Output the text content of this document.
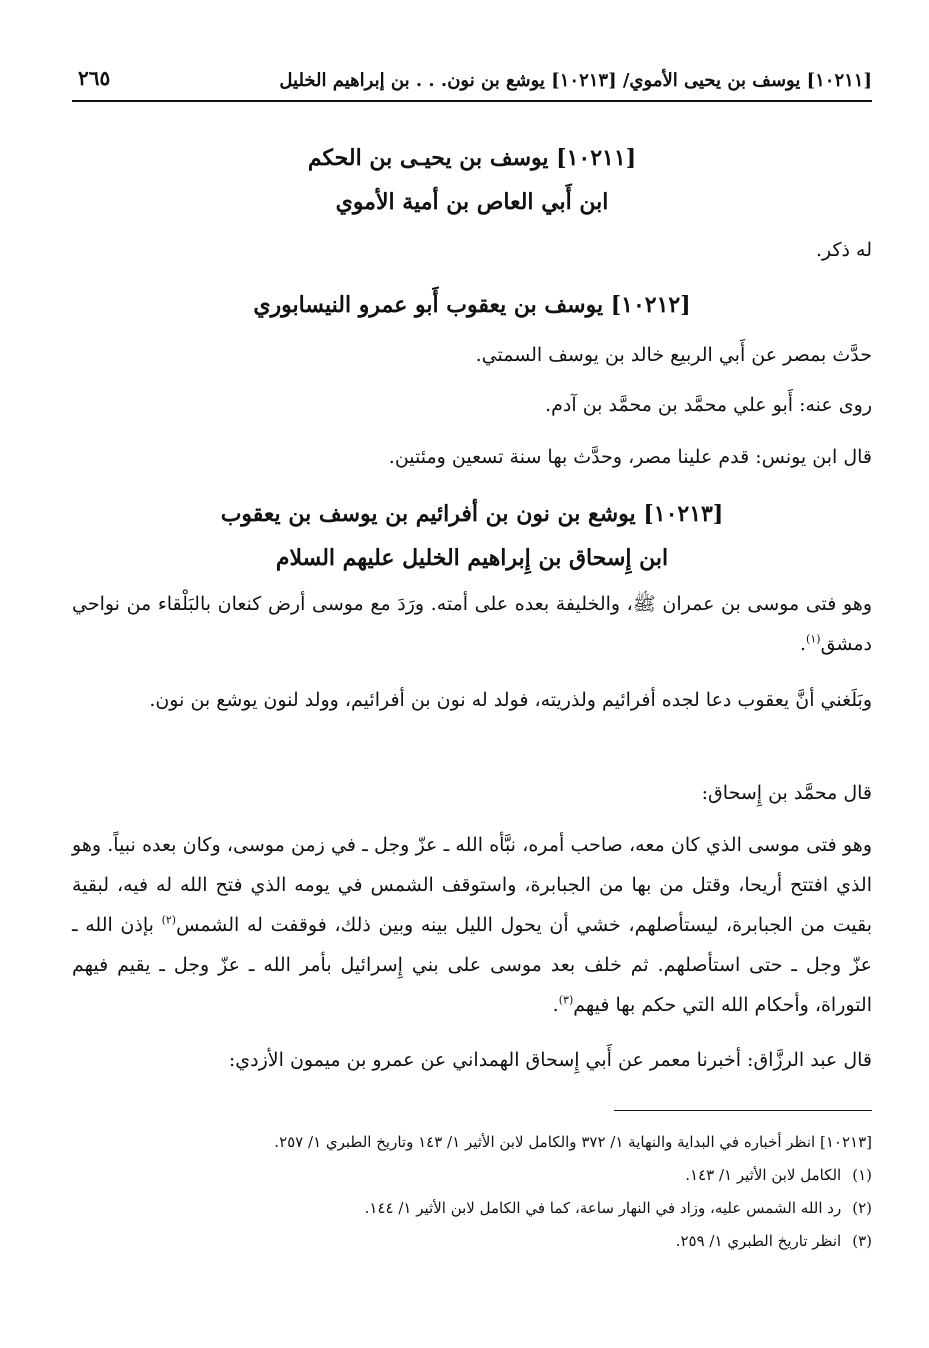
[١٠٢١١] يوسف بن يحيى الأموي/ [١٠٢١٣] يوشع بن نون. . . بن إبراهيم الخليل
٢٦٥
[١٠٢١١] يوسف بن يحيـى بن الحكم
ابن أَبي العاص بن أمية الأموي
له ذكر.
[١٠٢١٢] يوسف بن يعقوب أَبو عمرو النيسابوري
حدَّث بمصر عن أَبي الربيع خالد بن يوسف السمتي.
روى عنه: أَبو علي محمَّد بن محمَّد بن آدم.
قال ابن يونس: قدم علينا مصر، وحدَّث بها سنة تسعين ومئتين.
[١٠٢١٣] يوشع بن نون بن أفرائيم بن يوسف بن يعقوب
ابن إِسحاق بن إِبراهيم الخليل عليهم السلام
وهو فتى موسى بن عمران ﷺ، والخليفة بعده على أمته. ورَدَ مع موسى أرض كنعان بالبَلْقاء من نواحي دمشق$^{(١)}$.
وبَلَغني أنَّ يعقوب دعا لجده أفرائيم ولذريته، فولد له نون بن أفرائيم، وولد لنون يوشع بن نون.
قال محمَّد بن إِسحاق:
وهو فتى موسى الذي كان معه، صاحب أمره، نبَّأه الله ـ عزّ وجل ـ في زمن موسى، وكان بعده نبياً. وهو الذي افتتح أريحا، وقتل من بها من الجبابرة، واستوقف الشمس في يومه الذي فتح الله له فيه، لبقية بقيت من الجبابرة، ليستأصلهم، خشي أن يحول الليل بينه وبين ذلك، فوقفت له الشمس$^{(٢)}$ بإذن الله ـ عزّ وجل ـ حتى استأصلهم. ثم خلف بعد موسى على بني إِسرائيل بأمر الله ـ عزّ وجل ـ يقيم فيهم التوراة، وأحكام الله التي حكم بها فيهم$^{(٣)}$.
قال عبد الرزَّاق: أخبرنا معمر عن أَبي إِسحاق الهمداني عن عمرو بن ميمون الأزدي:
[١٠٢١٣] انظر أخباره في البداية والنهاية ١/ ٣٧٢ والكامل لابن الأثير ١/ ١٤٣ وتاريخ الطبري ١/ ٢٥٧.
(١) الكامل لابن الأثير ١/ ١٤٣.
(٢) رد الله الشمس عليه، وزاد في النهار ساعة، كما في الكامل لابن الأثير ١/ ١٤٤.
(٣) انظر تاريخ الطبري ١/ ٢٥٩.
